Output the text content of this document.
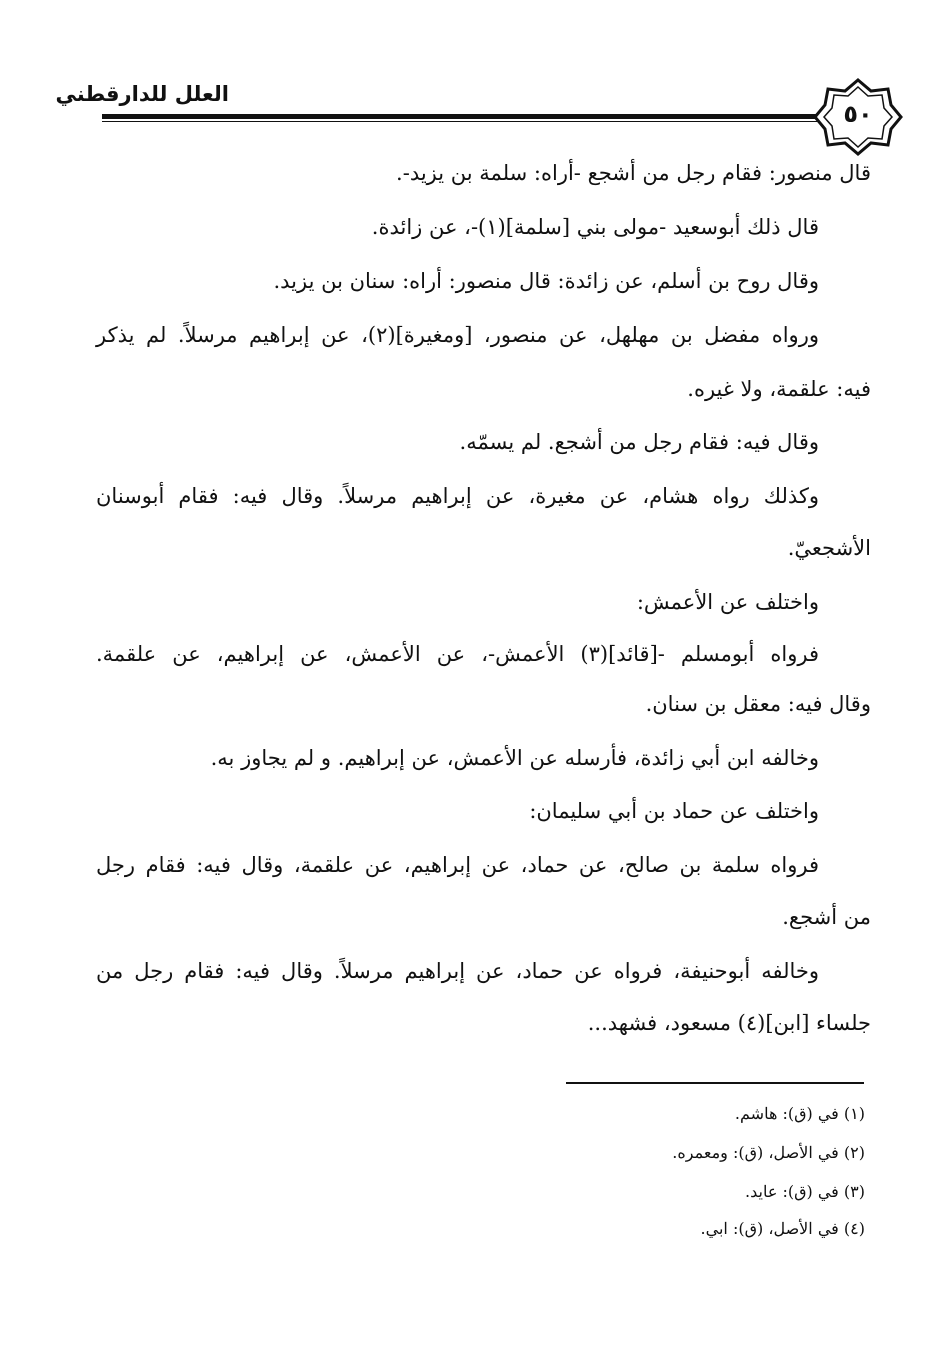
العلل للدارقطني
٥٠
قال منصور: فقام رجل من أشجع -أراه: سلمة بن يزيد-.
قال ذلك أبوسعيد -مولى بني [سلمة](١)-، عن زائدة.
وقال روح بن أسلم، عن زائدة: قال منصور: أراه: سنان بن يزيد.
ورواه مفضل بن مهلهل، عن منصور، [ومغيرة](٢)، عن إبراهيم مرسلاً. لم يذكر
فيه: علقمة، ولا غيره.
وقال فيه: فقام رجل من أشجع. لم يسمّه.
وكذلك رواه هشام، عن مغيرة، عن إبراهيم مرسلاً. وقال فيه: فقام أبوسنان
الأشجعيّ.
واختلف عن الأعمش:
فرواه أبومسلم -[قائد](٣) الأعمش-، عن الأعمش، عن إبراهيم، عن علقمة.
وقال فيه: معقل بن سنان.
وخالفه ابن أبي زائدة، فأرسله عن الأعمش، عن إبراهيم. و لم يجاوز به.
واختلف عن حماد بن أبي سليمان:
فرواه سلمة بن صالح، عن حماد، عن إبراهيم، عن علقمة، وقال فيه: فقام رجل
من أشجع.
وخالفه أبوحنيفة، فرواه عن حماد، عن إبراهيم مرسلاً. وقال فيه: فقام رجل من
جلساء [ابن](٤) مسعود، فشهد...
(١) في (ق): هاشم.
(٢) في الأصل، (ق): ومعمره.
(٣) في (ق): عايد.
(٤) في الأصل، (ق): ابي.
